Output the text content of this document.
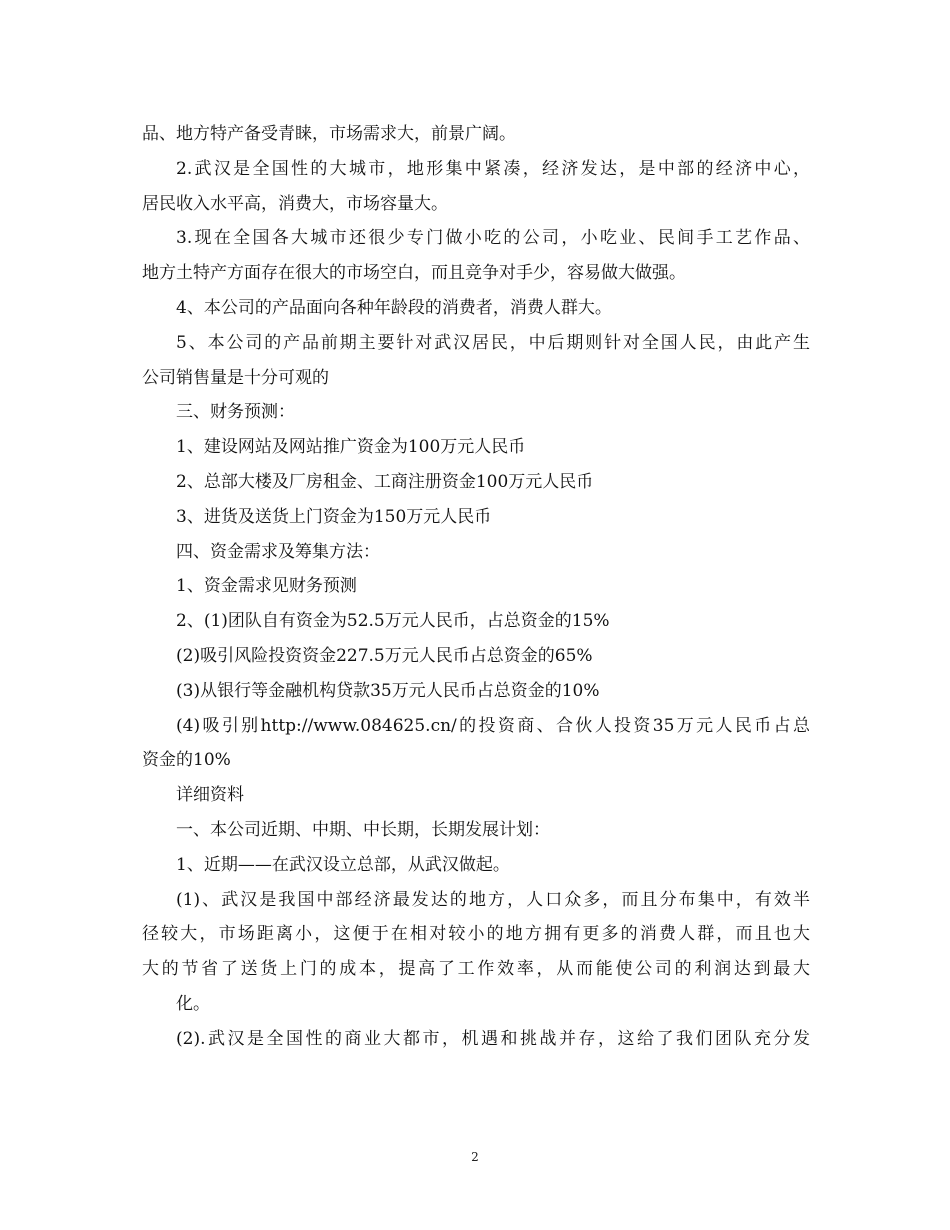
品、地方特产备受青睐，市场需求大，前景广阔。
2.武汉是全国性的大城市，地形集中紧凑，经济发达，是中部的经济中心，
居民收入水平高，消费大，市场容量大。
3.现在全国各大城市还很少专门做小吃的公司，小吃业、民间手工艺作品、
地方土特产方面存在很大的市场空白，而且竞争对手少，容易做大做强。
4、本公司的产品面向各种年龄段的消费者，消费人群大。
5、本公司的产品前期主要针对武汉居民，中后期则针对全国人民，由此产生
公司销售量是十分可观的
三、财务预测：
1、建设网站及网站推广资金为100万元人民币
2、总部大楼及厂房租金、工商注册资金100万元人民币
3、进货及送货上门资金为150万元人民币
四、资金需求及筹集方法：
1、资金需求见财务预测
2、(1)团队自有资金为52.5万元人民币，占总资金的15%
(2)吸引风险投资资金227.5万元人民币占总资金的65%
(3)从银行等金融机构贷款35万元人民币占总资金的10%
(4)吸引别http://www.084625.cn/的投资商、合伙人投资35万元人民币占总
资金的10%
详细资料
一、本公司近期、中期、中长期，长期发展计划：
1、近期——在武汉设立总部，从武汉做起。
(1)、武汉是我国中部经济最发达的地方，人口众多，而且分布集中，有效半
径较大，市场距离小，这便于在相对较小的地方拥有更多的消费人群，而且也大
大的节省了送货上门的成本，提高了工作效率，从而能使公司的利润达到最大
化。
(2).武汉是全国性的商业大都市，机遇和挑战并存，这给了我们团队充分发
2
